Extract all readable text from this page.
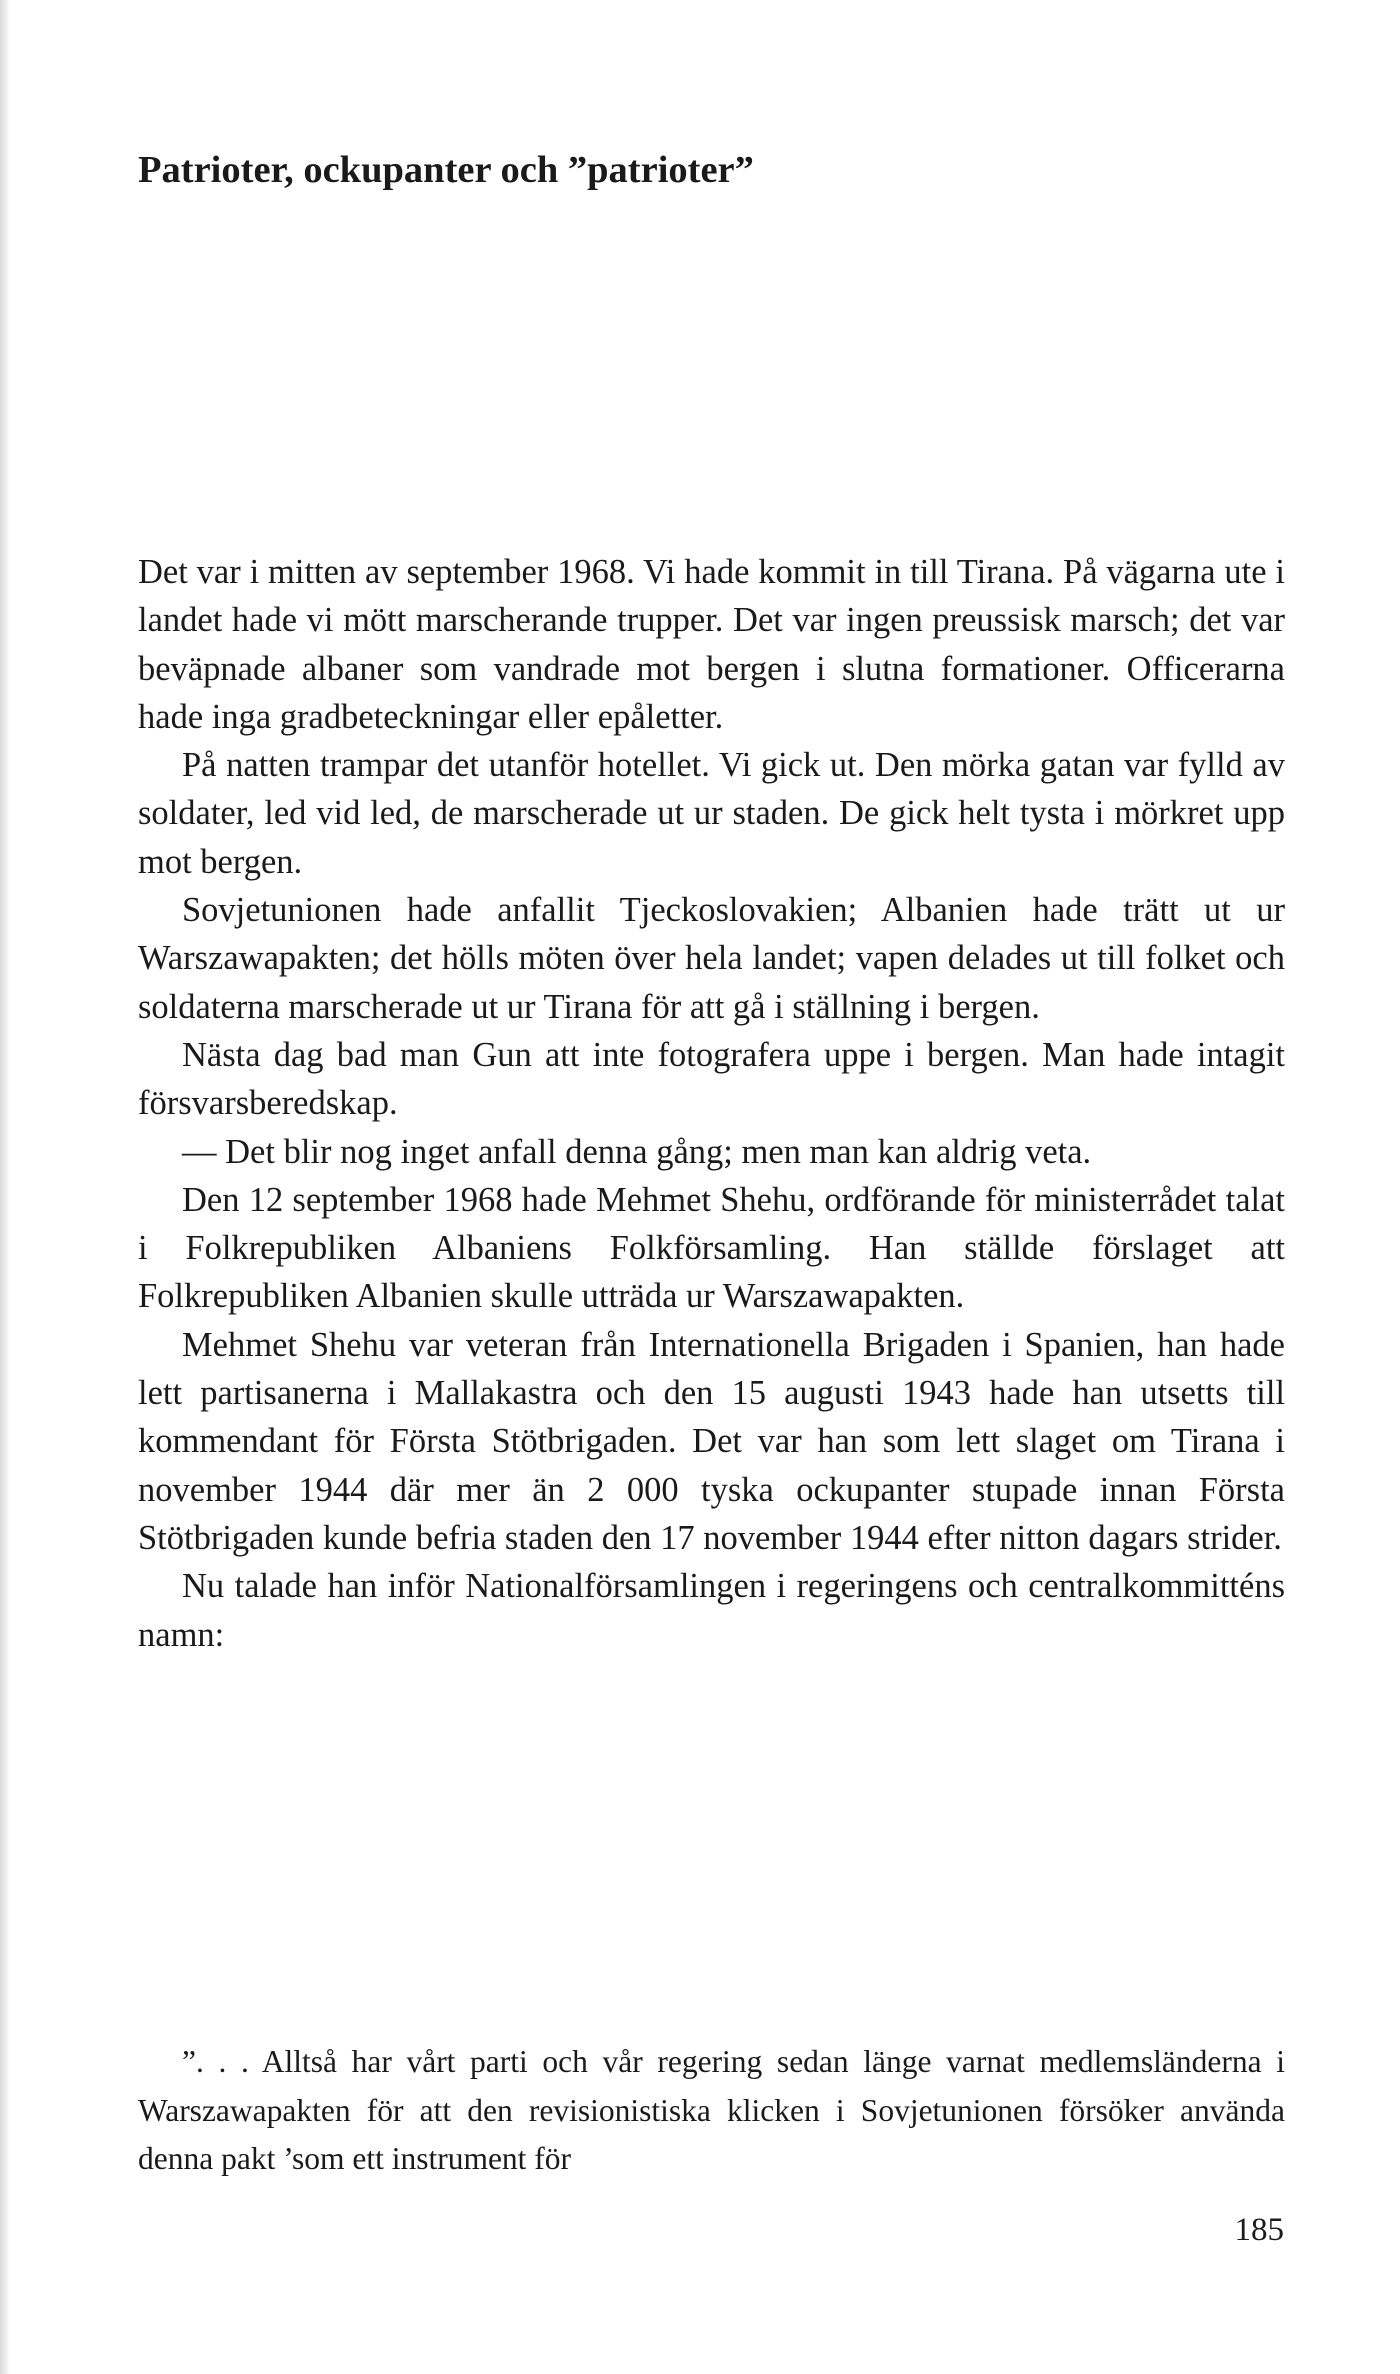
Patrioter, ockupanter och ”patrioter”

Det var i mitten av september 1968. Vi hade kommit in till Tirana. På vägarna ute i landet hade vi mött marscherande trupper. Det var ingen preussisk marsch; det var beväpnade albaner som vandrade mot bergen i slutna formationer. Officerarna hade inga gradbeteckningar eller epåletter.

På natten trampar det utanför hotellet. Vi gick ut. Den mörka gatan var fylld av soldater, led vid led, de marscherade ut ur staden. De gick helt tysta i mörkret upp mot bergen.

Sovjetunionen hade anfallit Tjeckoslovakien; Albanien hade trätt ut ur Warszawapakten; det hölls möten över hela landet; vapen delades ut till folket och soldaterna marscherade ut ur Tirana för att gå i ställning i bergen.

Nästa dag bad man Gun att inte fotografera uppe i bergen. Man hade intagit försvarsberedskap.

— Det blir nog inget anfall denna gång; men man kan aldrig veta.

Den 12 september 1968 hade Mehmet Shehu, ordförande för ministerrådet talat i Folkrepubliken Albaniens Folkförsamling. Han ställde förslaget att Folkrepubliken Albanien skulle utträda ur Warszawapakten.

Mehmet Shehu var veteran från Internationella Brigaden i Spanien, han hade lett partisanerna i Mallakastra och den 15 augusti 1943 hade han utsetts till kommendant för Första Stötbrigaden. Det var han som lett slaget om Tirana i november 1944 där mer än 2 000 tyska ockupanter stupade innan Första Stötbrigaden kunde befria staden den 17 november 1944 efter nitton dagars strider.

Nu talade han inför Nationalförsamlingen i regeringens och centralkommitténs namn:

”. . . Alltså har vårt parti och vår regering sedan länge varnat medlemsländerna i Warszawapakten för att den revisionistiska klicken i Sovjetunionen försöker använda denna pakt ’som ett instrument för

185
